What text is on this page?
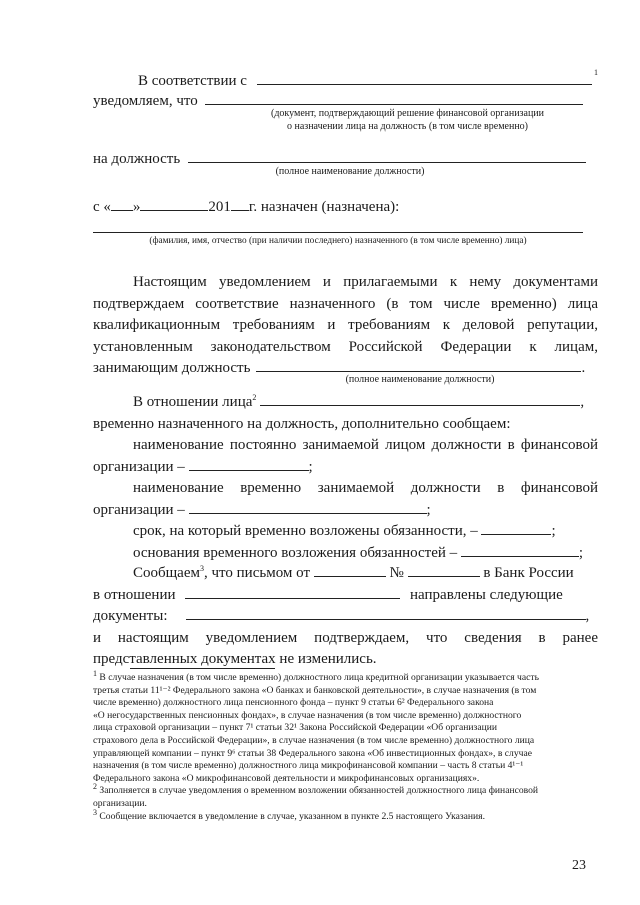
В соответствии с
1
уведомляем, что
(документ, подтверждающий решение финансовой организации
о назначении лица на должность (в том числе временно)
на должность
(полное наименование должности)
с « »	201 г. назначен (назначена):
(фамилия, имя, отчество (при наличии последнего) назначенного (в том числе временно) лица)
Настоящим уведомлением и прилагаемыми к нему документами
подтверждаем соответствие назначенного (в том числе временно) лица
квалификационным требованиям и требованиям к деловой репутации,
установленным законодательством Российской Федерации к лицам,
занимающим должность	.
(полное наименование должности)
В отношении лица$^2$	,
временно назначенного на должность, дополнительно сообщаем:
наименование постоянно занимаемой лицом должности в финансовой
организации –	;
наименование временно занимаемой должности в финансовой
организации –	;
срок, на который временно возложены обязанности, –	;
основания временного возложения обязанностей –	;
Сообщаем$^3$, что письмом от	№	в Банк России
в отношении	направлены следующие
документы:	,
и настоящим уведомлением подтверждаем, что сведения в ранее
представленных документах не изменились.
$^1$ В случае назначения (в том числе временно) должностного лица кредитной организации указывается часть
третья статьи 11¹⁻² Федерального закона «О банках и банковской деятельности», в случае назначения (в том
числе временно) должностного лица пенсионного фонда – пункт 9 статьи 6² Федерального закона
«О негосударственных пенсионных фондах», в случае назначения (в том числе временно) должностного
лица страховой организации – пункт 7¹ статьи 32¹ Закона Российской Федерации «Об организации
страхового дела в Российской Федерации», в случае назначения (в том числе временно) должностного лица
управляющей компании – пункт 9⁶ статьи 38 Федерального закона «Об инвестиционных фондах», в случае
назначения (в том числе временно) должностного лица микрофинансовой компании – часть 8 статьи 4¹⁻¹
Федерального закона «О микрофинансовой деятельности и микрофинансовых организациях».
$^2$ Заполняется в случае уведомления о временном возложении обязанностей должностного лица финансовой
организации.
$^3$ Сообщение включается в уведомление в случае, указанном в пункте 2.5 настоящего Указания.
23
